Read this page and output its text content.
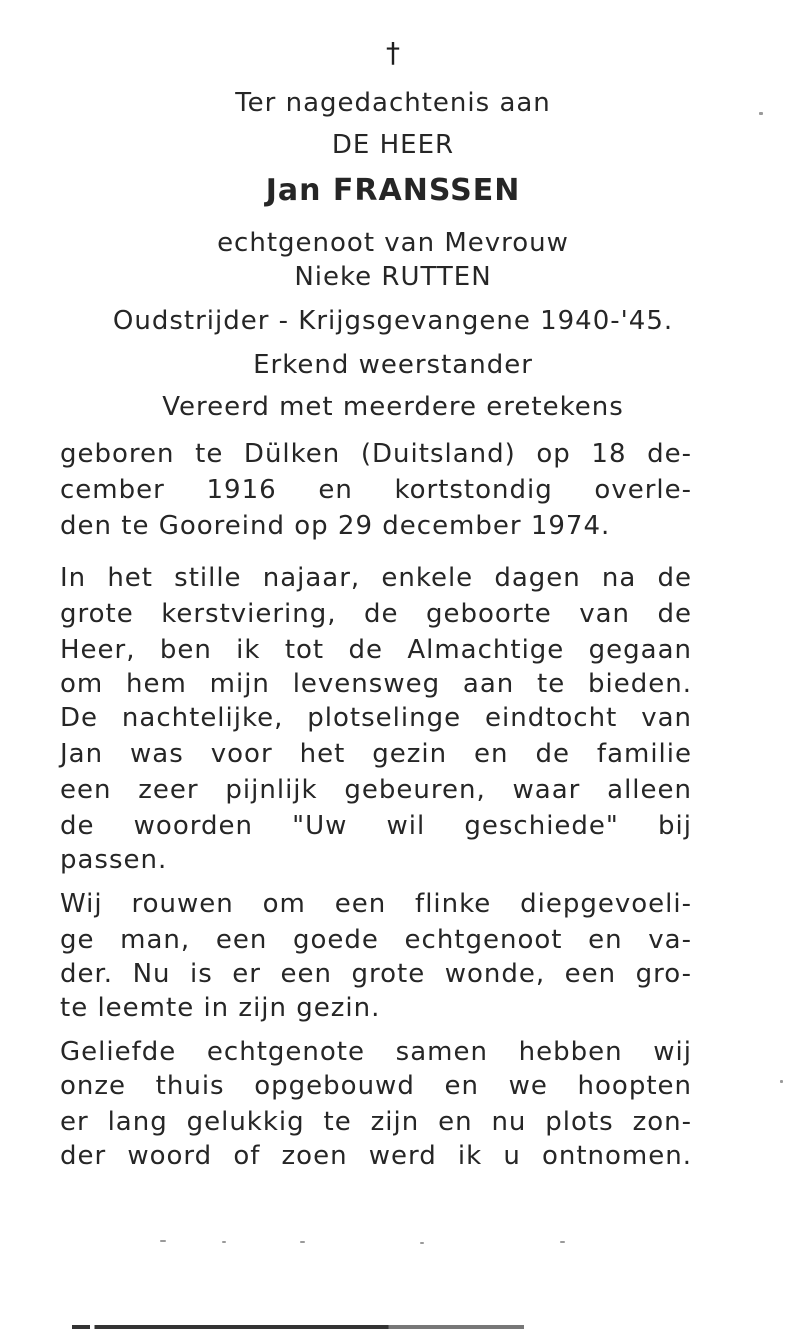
†

Ter nagedachtenis aan

DE HEER

Jan FRANSSEN

echtgenoot van Mevrouw

Nieke RUTTEN

Oudstrijder - Krijgsgevangene 1940-'45.

Erkend weerstander

Vereerd met meerdere eretekens

geboren te Dülken (Duitsland) op 18 de-

cember 1916 en kortstondig overle-

den te Gooreind op 29 december 1974.

In het stille najaar, enkele dagen na de

grote kerstviering, de geboorte van de

Heer, ben ik tot de Almachtige gegaan

om hem mijn levensweg aan te bieden.

De nachtelijke, plotselinge eindtocht van

Jan was voor het gezin en de familie

een zeer pijnlijk gebeuren, waar alleen

de woorden "Uw wil geschiede" bij

passen.

Wij rouwen om een flinke diepgevoeli-

ge man, een goede echtgenoot en va-

der. Nu is er een grote wonde, een gro-

te leemte in zijn gezin.

Geliefde echtgenote samen hebben wij

onze thuis opgebouwd en we hoopten

er lang gelukkig te zijn en nu plots zon-

der woord of zoen werd ik u ontnomen.
